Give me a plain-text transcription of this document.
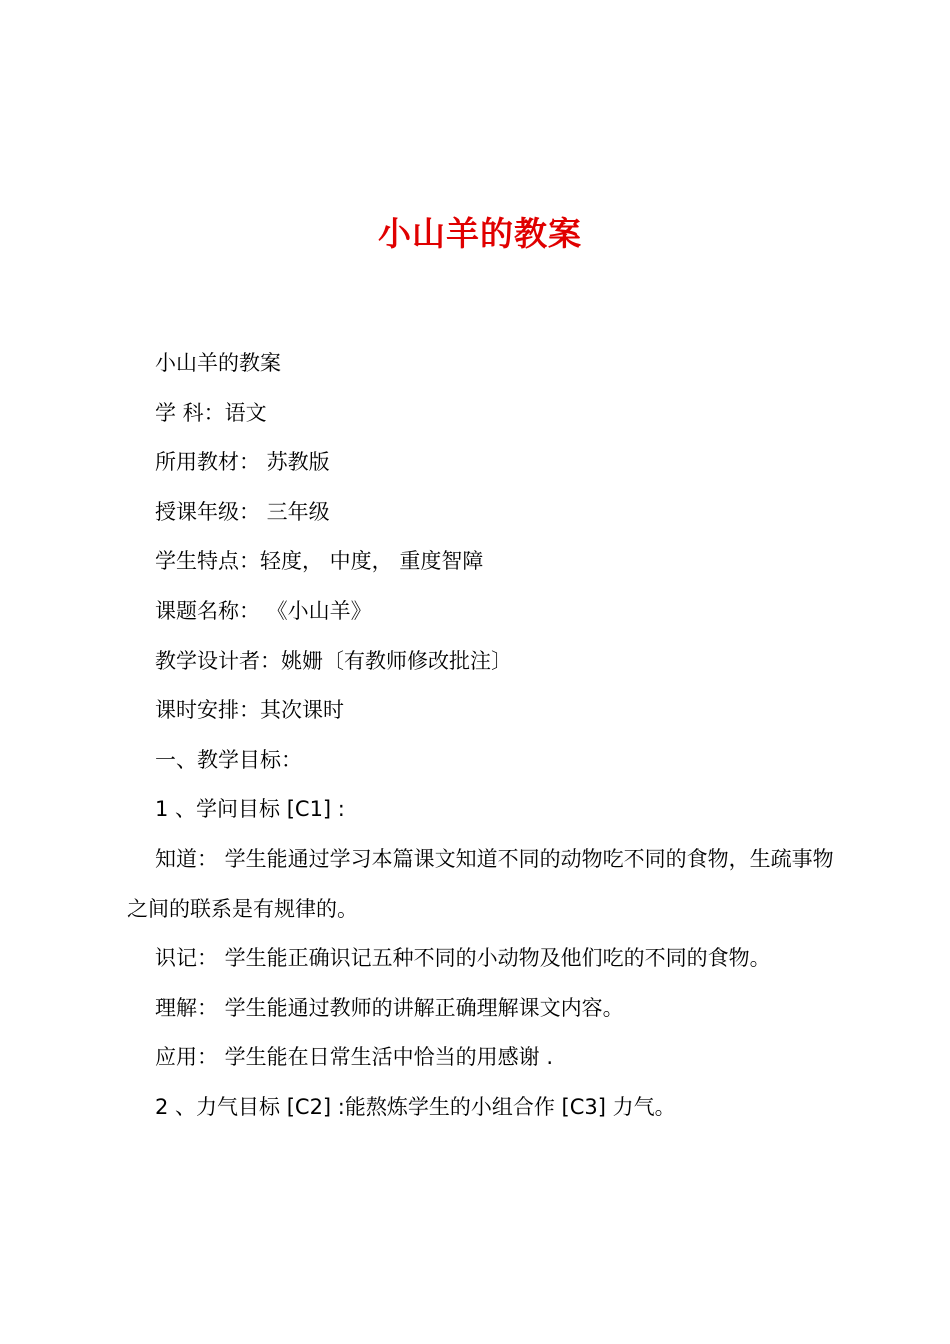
小山羊的教案

小山羊的教案

学 科：语文

所用教材： 苏教版

授课年级： 三年级

学生特点：轻度， 中度， 重度智障

课题名称： 《小山羊》

教学设计者：姚姗〔有教师修改批注〕

课时安排：其次课时

一、教学目标：

1 、学问目标 [C1] :

知道： 学生能通过学习本篇课文知道不同的动物吃不同的食物，生疏事物之间的联系是有规律的。

识记： 学生能正确识记五种不同的小动物及他们吃的不同的食物。

理解： 学生能通过教师的讲解正确理解课文内容。

应用： 学生能在日常生活中恰当的用感谢 .

2 、力气目标 [C2] :能熬炼学生的小组合作 [C3] 力气。
